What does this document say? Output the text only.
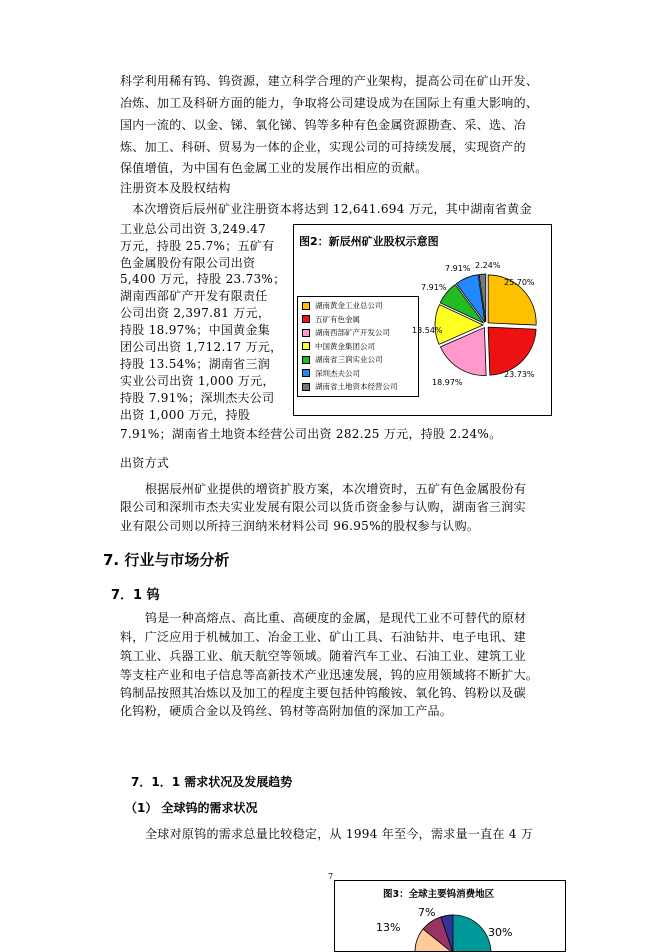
科学利用稀有钨、钨资源，建立科学合理的产业架构，提高公司在矿山开发、
冶炼、加工及科研方面的能力，争取将公司建设成为在国际上有重大影响的、
国内一流的、以金、锑、氧化锑、钨等多种有色金属资源勘查、采、选、冶
炼、加工、科研、贸易为一体的企业，实现公司的可持续发展，实现资产的
保值增值，为中国有色金属工业的发展作出相应的贡献。
注册资本及股权结构
本次增资后辰州矿业注册资本将达到 12,641.694 万元，其中湖南省黄金
工业总公司出资 3,249.47
万元，持股 25.7%；五矿有
色金属股份有限公司出资
5,400 万元，持股 23.73%；
湖南西部矿产开发有限责任
公司出资 2,397.81 万元，
持股 18.97%；中国黄金集
团公司出资 1,712.17 万元，
持股 13.54%；湖南省三润
实业公司出资 1,000 万元，
持股 7.91%；深圳杰夫公司
出资 1,000 万元，持股
7.91%；湖南省土地资本经营公司出资 282.25 万元，持股 2.24%。
图2：新辰州矿业股权示意图
湖南黄金工业总公司
五矿有色金属
湖南西部矿产开发公司
中国黄金集团公司
湖南省三润实业公司
深圳杰夫公司
湖南省土地资本经营公司
25.70%
23.73%
18.97%
13.54%
7.91%
7.91% 2.24%
出资方式
根据辰州矿业提供的增资扩股方案，本次增资时，五矿有色金属股份有
限公司和深圳市杰夫实业发展有限公司以货币资金参与认购，湖南省三润实
业有限公司则以所持三润纳米材料公司 96.95%的股权参与认购。
7. 行业与市场分析
7．1 钨
钨是一种高熔点、高比重、高硬度的金属，是现代工业不可替代的原材
料，广泛应用于机械加工、冶金工业、矿山工具、石油钻井、电子电讯、建
筑工业、兵器工业、航天航空等领域。随着汽车工业、石油工业、建筑工业
等支柱产业和电子信息等高新技术产业迅速发展，钨的应用领域将不断扩大。
钨制品按照其冶炼以及加工的程度主要包括仲钨酸铵、氧化钨、钨粉以及碳
化钨粉，硬质合金以及钨丝、钨材等高附加值的深加工产品。
7．1．1 需求状况及发展趋势
（1） 全球钨的需求状况
全球对原钨的需求总量比较稳定，从 1994 年至今，需求量一直在 4 万
7
图3：全球主要钨消费地区
7%
13%	30%
